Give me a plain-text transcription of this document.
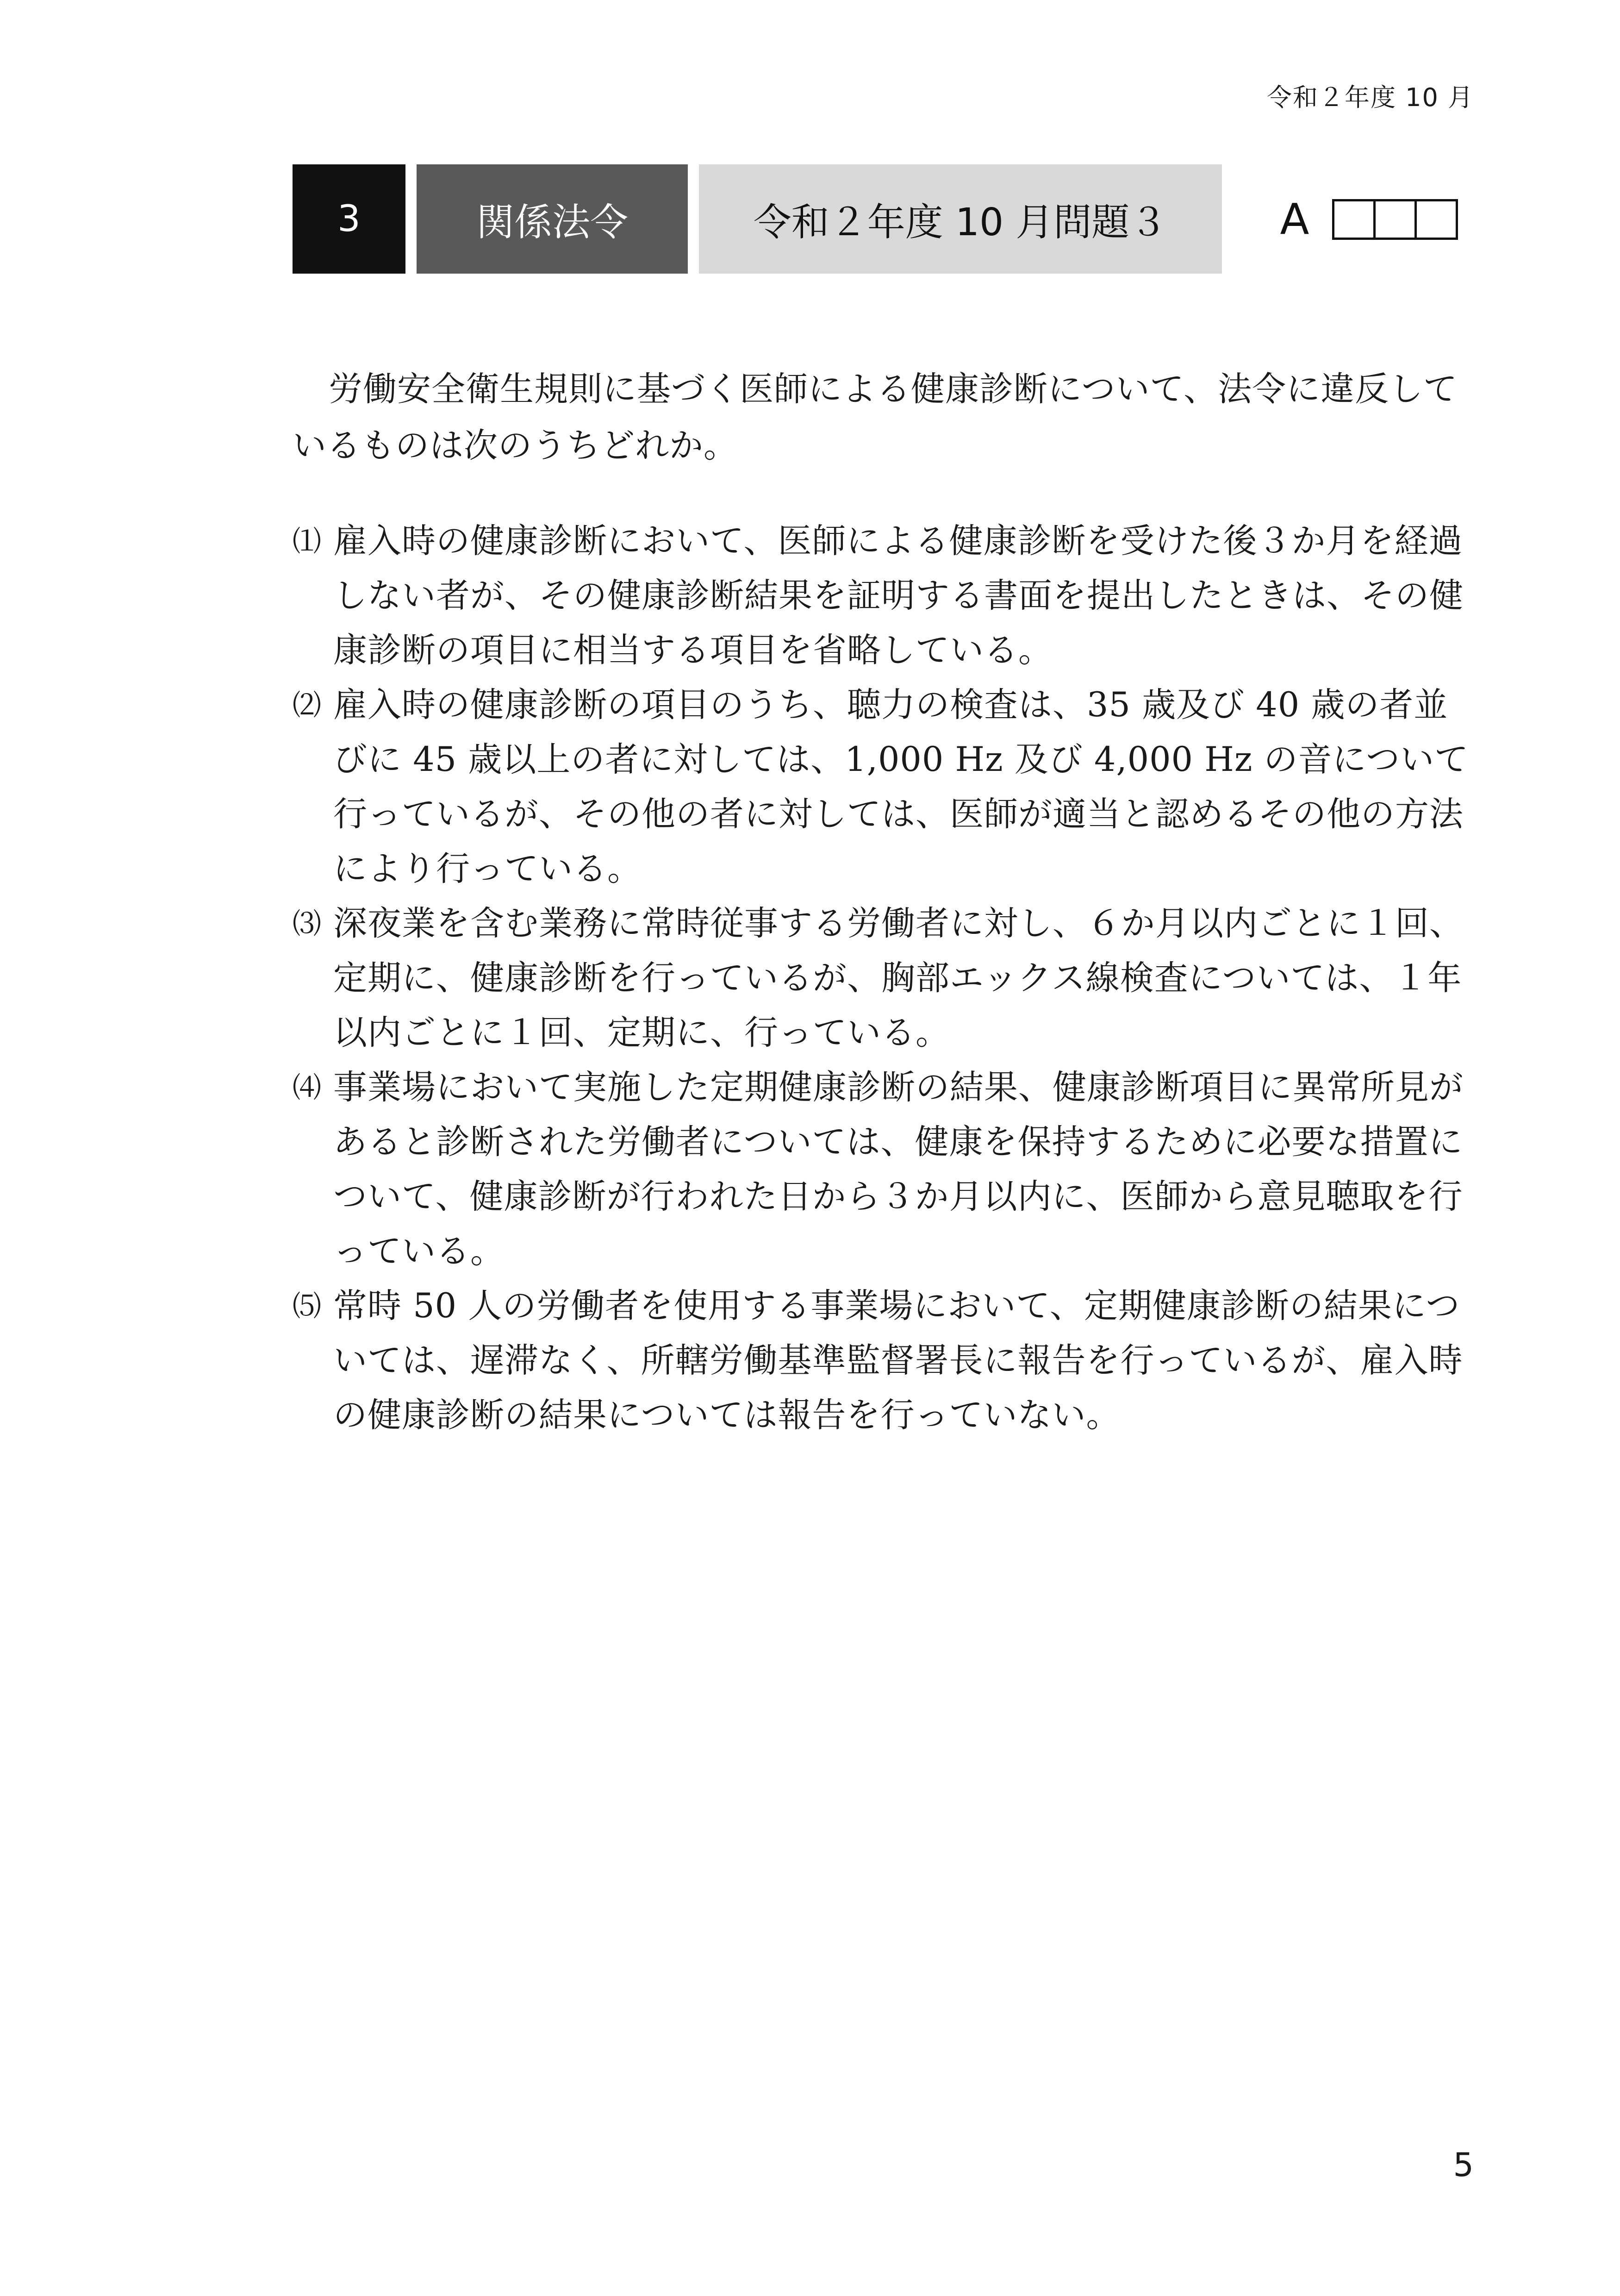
令和２年度 10 月
3	関係法令	令和２年度 10 月問題３	A

労働安全衛生規則に基づく医師による健康診断について、法令に違反しているものは次のうちどれか。

⑴ 雇入時の健康診断において、医師による健康診断を受けた後３か月を経過しない者が、その健康診断結果を証明する書面を提出したときは、その健康診断の項目に相当する項目を省略している。
⑵ 雇入時の健康診断の項目のうち、聴力の検査は、35 歳及び 40 歳の者並びに 45 歳以上の者に対しては、1,000 Hz 及び 4,000 Hz の音について行っているが、その他の者に対しては、医師が適当と認めるその他の方法により行っている。
⑶ 深夜業を含む業務に常時従事する労働者に対し、６か月以内ごとに１回、定期に、健康診断を行っているが、胸部エックス線検査については、１年以内ごとに１回、定期に、行っている。
⑷ 事業場において実施した定期健康診断の結果、健康診断項目に異常所見があると診断された労働者については、健康を保持するために必要な措置について、健康診断が行われた日から３か月以内に、医師から意見聴取を行っている。
⑸ 常時 50 人の労働者を使用する事業場において、定期健康診断の結果については、遅滞なく、所轄労働基準監督署長に報告を行っているが、雇入時の健康診断の結果については報告を行っていない。
5
